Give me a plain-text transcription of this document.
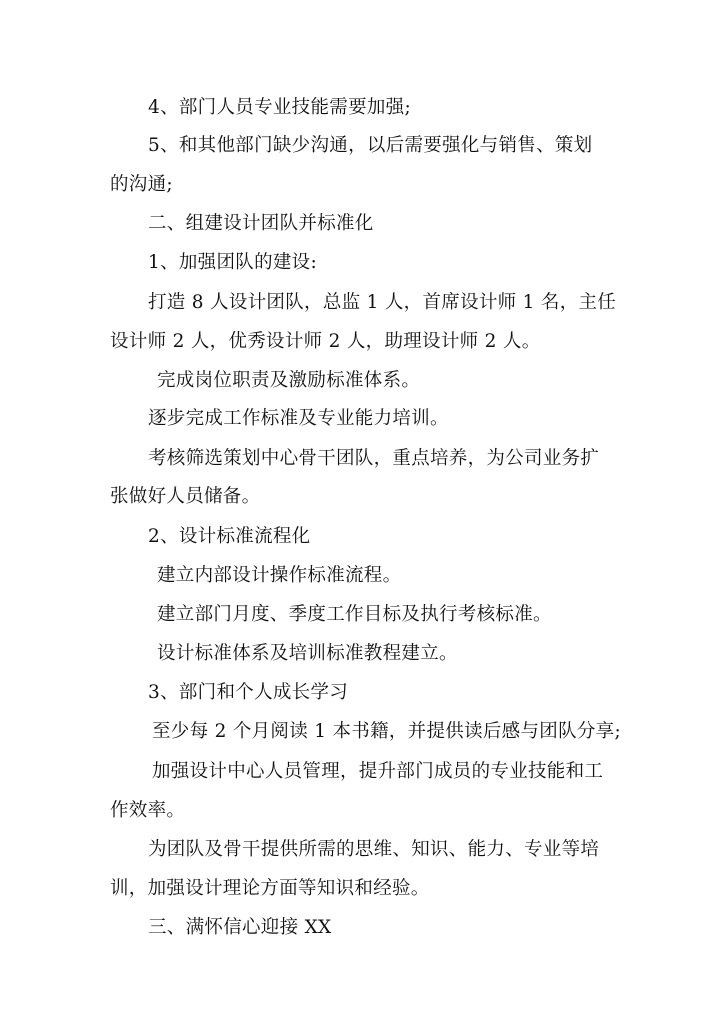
4、部门人员专业技能需要加强;
5、和其他部门缺少沟通，以后需要强化与销售、策划
的沟通;
二、组建设计团队并标准化
1、加强团队的建设:
打造 8 人设计团队，总监 1 人，首席设计师 1 名，主任
设计师 2 人，优秀设计师 2 人，助理设计师 2 人。
完成岗位职责及激励标准体系。
逐步完成工作标准及专业能力培训。
考核筛选策划中心骨干团队，重点培养，为公司业务扩
张做好人员储备。
2、设计标准流程化
建立内部设计操作标准流程。
建立部门月度、季度工作目标及执行考核标准。
设计标准体系及培训标准教程建立。
3、部门和个人成长学习
至少每 2 个月阅读 1 本书籍，并提供读后感与团队分享;
加强设计中心人员管理，提升部门成员的专业技能和工
作效率。
为团队及骨干提供所需的思维、知识、能力、专业等培
训，加强设计理论方面等知识和经验。
三、满怀信心迎接 XX
